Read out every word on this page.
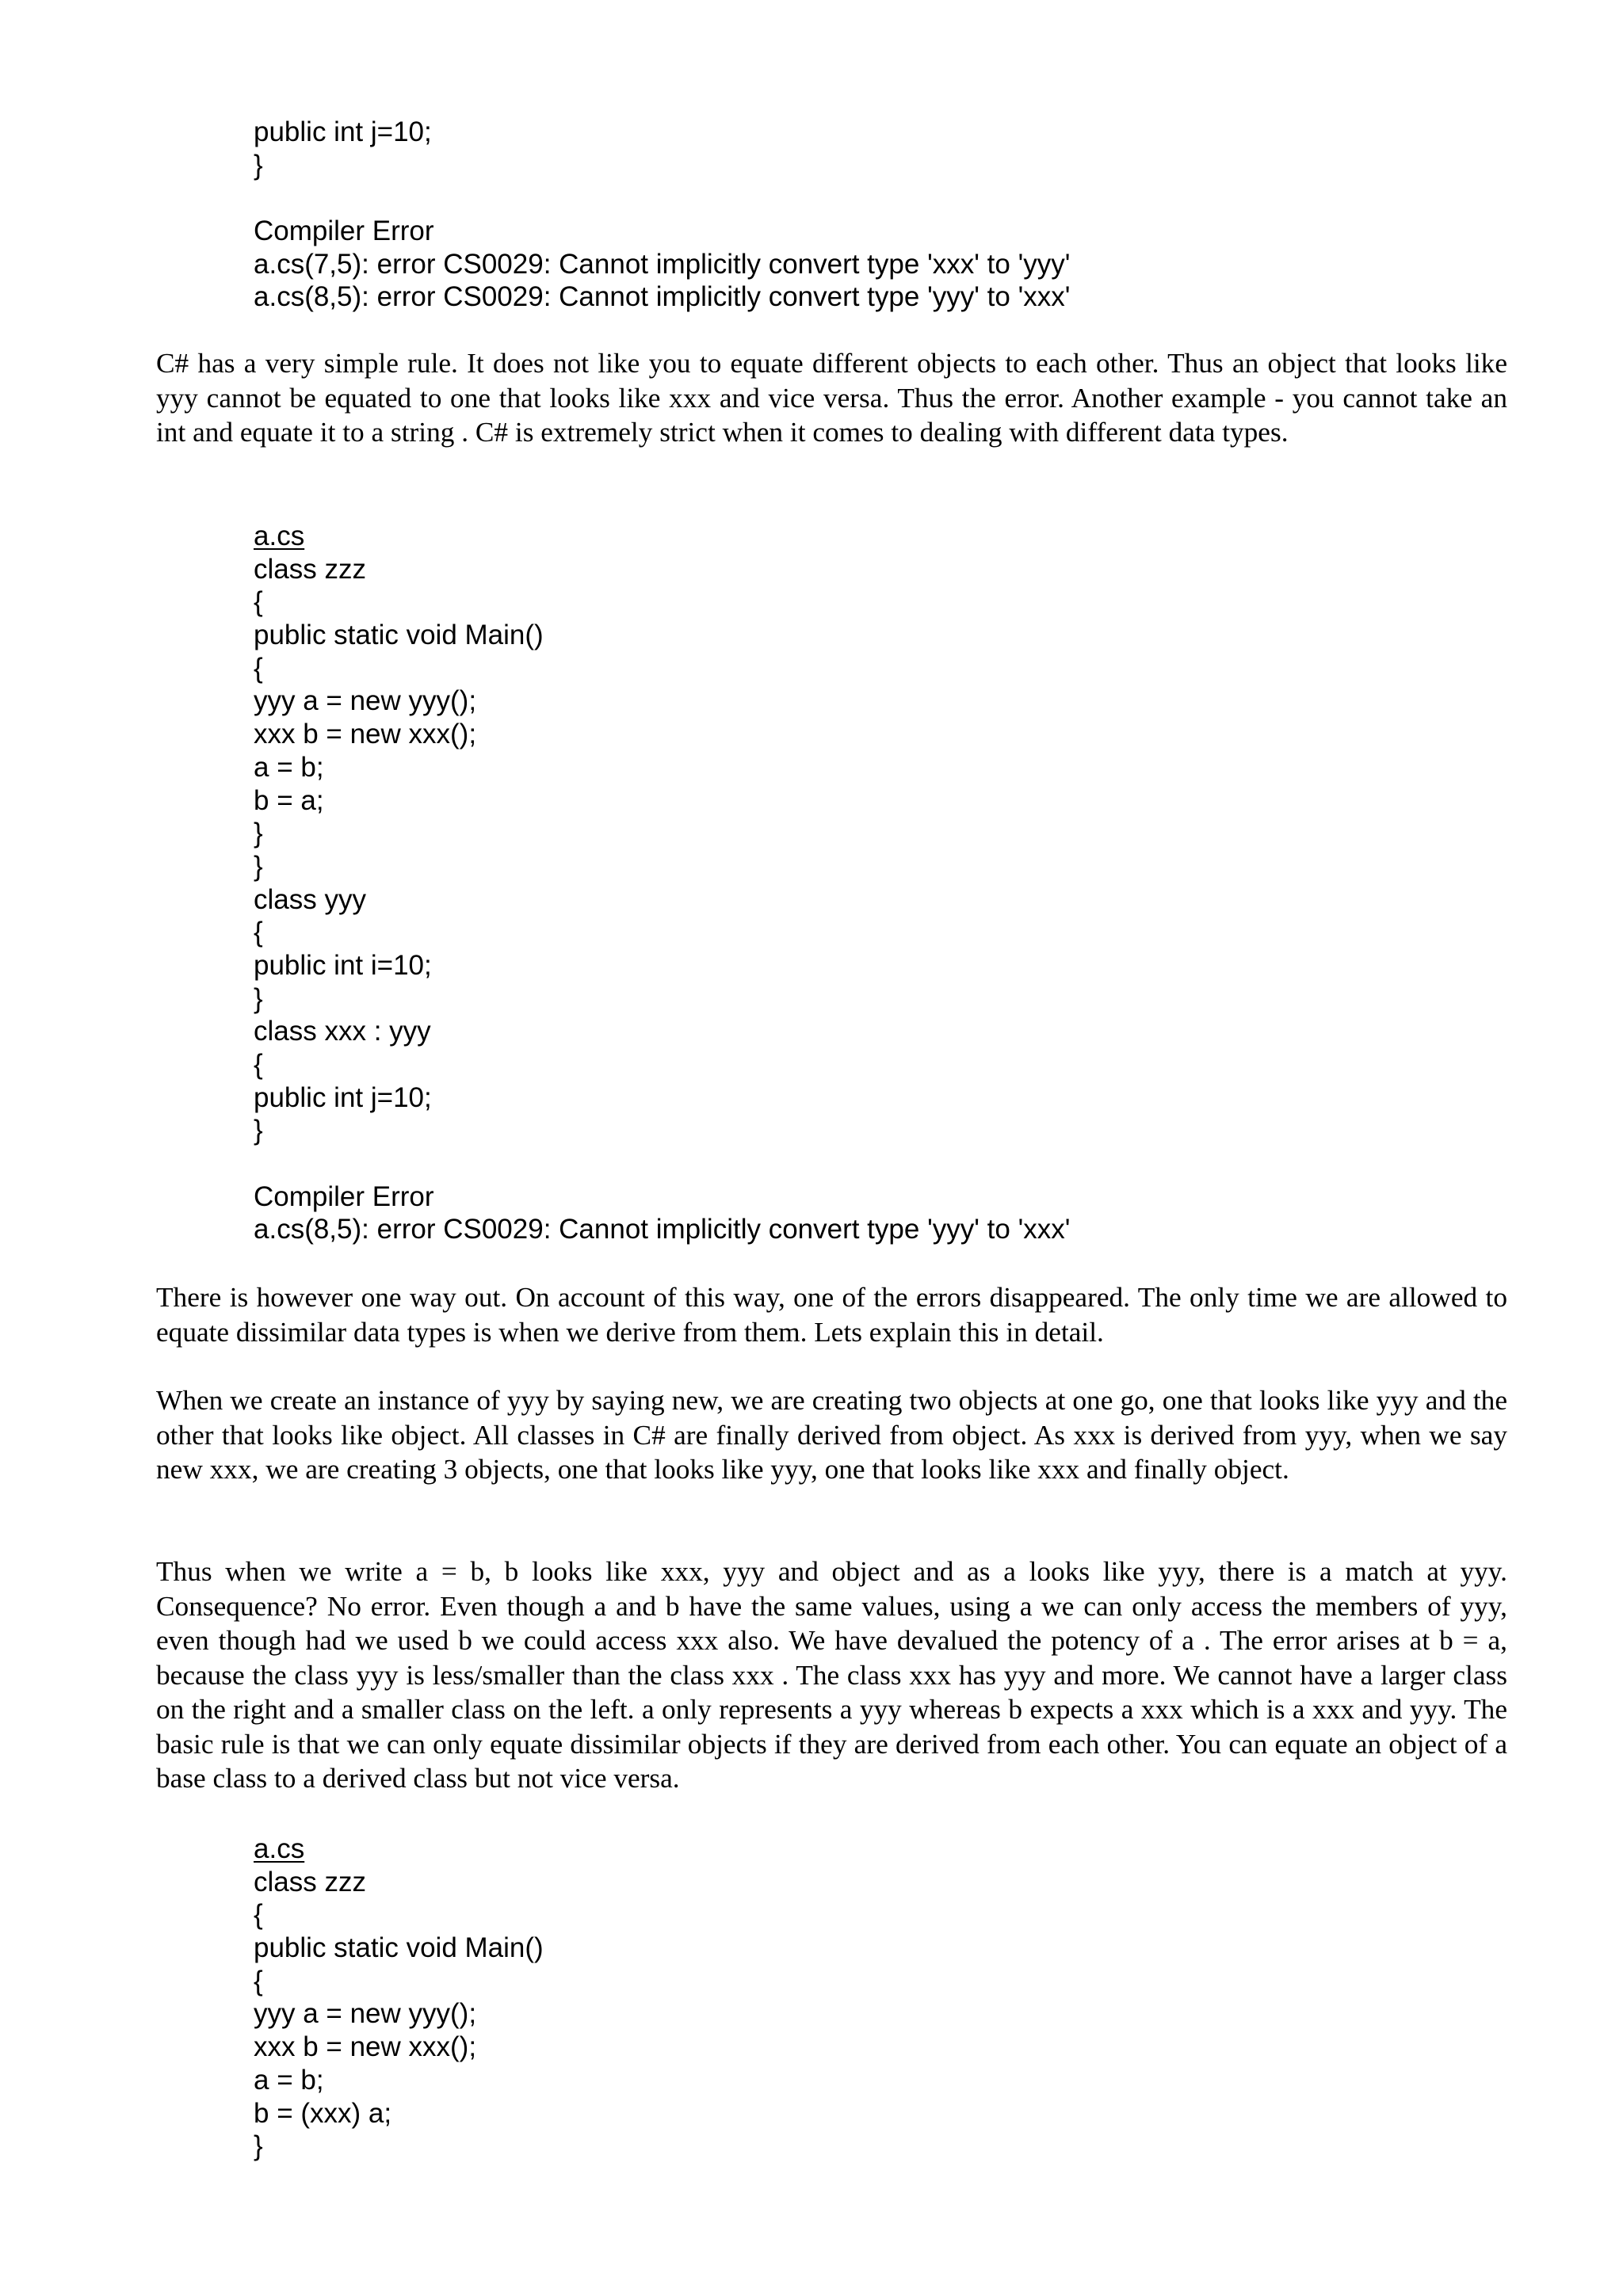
public int j=10;
}
Compiler Error
a.cs(7,5): error CS0029: Cannot implicitly convert type 'xxx' to 'yyy'
a.cs(8,5): error CS0029: Cannot implicitly convert type 'yyy' to 'xxx'

C# has a very simple rule. It does not like you to equate different objects to each other. Thus an object that looks like yyy cannot be equated to one that looks like xxx and vice versa. Thus the error. Another example - you cannot take an int and equate it to a string . C# is extremely strict when it comes to dealing with different data types.

a.cs
class zzz
{
public static void Main()
{
yyy a = new yyy();
xxx b = new xxx();
a = b;
b = a;
}
}
class yyy
{
public int i=10;
}
class xxx : yyy
{
public int j=10;
}
Compiler Error
a.cs(8,5): error CS0029: Cannot implicitly convert type 'yyy' to 'xxx'

There is however one way out. On account of this way, one of the errors disappeared. The only time we are allowed to equate dissimilar data types is when we derive from them. Lets explain this in detail.

When we create an instance of yyy by saying new, we are creating two objects at one go, one that looks like yyy and the other that looks like object. All classes in C# are finally derived from object. As xxx is derived from yyy, when we say new xxx, we are creating 3 objects, one that looks like yyy, one that looks like xxx and finally object.

Thus when we write a = b, b looks like xxx, yyy and object and as a looks like yyy, there is a match at yyy. Consequence? No error. Even though a and b have the same values, using a we can only access the members of yyy, even though had we used b we could access xxx also. We have devalued the potency of a . The error arises at b = a, because the class yyy is less/smaller than the class xxx . The class xxx has yyy and more. We cannot have a larger class on the right and a smaller class on the left. a only represents a yyy whereas b expects a xxx which is a xxx and yyy. The basic rule is that we can only equate dissimilar objects if they are derived from each other. You can equate an object of a base class to a derived class but not vice versa.

a.cs
class zzz
{
public static void Main()
{
yyy a = new yyy();
xxx b = new xxx();
a = b;
b = (xxx) a;
}
